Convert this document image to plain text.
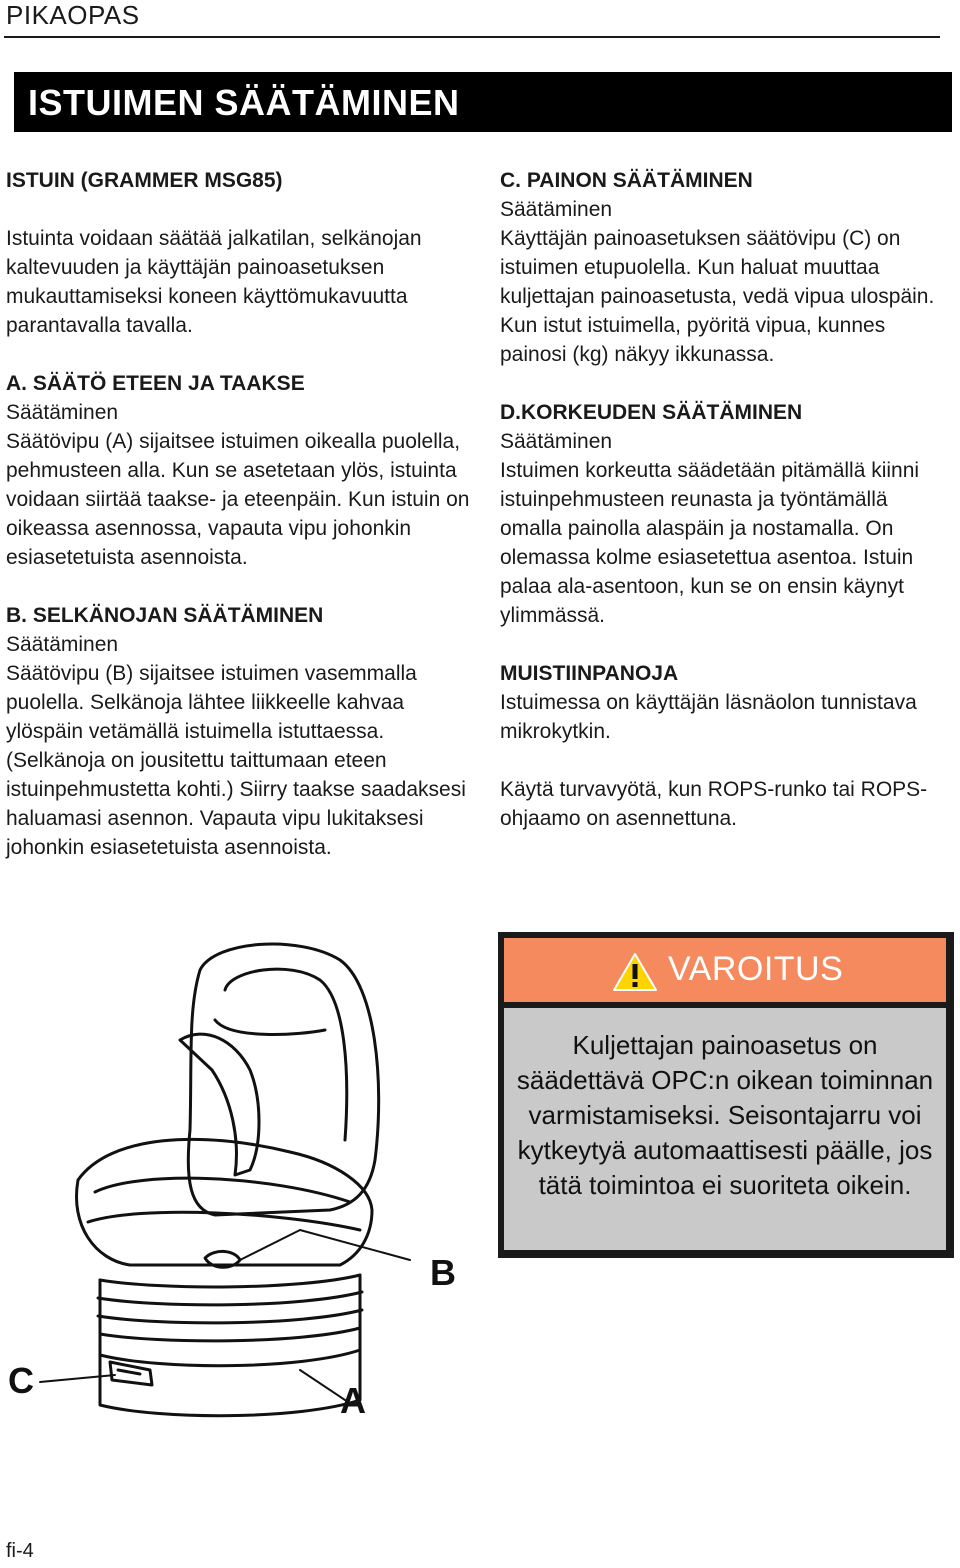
PIKAOPAS
ISTUIMEN SÄÄTÄMINEN

ISTUIN (GRAMMER MSG85)

Istuinta voidaan säätää jalkatilan, selkänojan kaltevuuden ja käyttäjän painoasetuksen mukauttamiseksi koneen käyttömukavuutta parantavalla tavalla.

A. SÄÄTÖ ETEEN JA TAAKSE

Säätäminen

Säätövipu (A) sijaitsee istuimen oikealla puolella, pehmusteen alla. Kun se asetetaan ylös, istuinta voidaan siirtää taakse- ja eteenpäin. Kun istuin on oikeassa asennossa, vapauta vipu johonkin esiasetetuista asennoista.

B. SELKÄNOJAN SÄÄTÄMINEN

Säätäminen

Säätövipu (B) sijaitsee istuimen vasemmalla puolella. Selkänoja lähtee liikkeelle kahvaa ylöspäin vetämällä istuimella istuttaessa. (Selkänoja on jousitettu taittumaan eteen istuinpehmustetta kohti.) Siirry taakse saadaksesi haluamasi asennon. Vapauta vipu lukitaksesi johonkin esiasetetuista asennoista.

C. PAINON SÄÄTÄMINEN

Säätäminen

Käyttäjän painoasetuksen säätövipu (C) on istuimen etupuolella. Kun haluat muuttaa kuljettajan painoasetusta, vedä vipua ulospäin. Kun istut istuimella, pyöritä vipua, kunnes painosi (kg) näkyy ikkunassa.

D.KORKEUDEN SÄÄTÄMINEN

Säätäminen

Istuimen korkeutta säädetään pitämällä kiinni istuinpehmusteen reunasta ja työntämällä omalla painolla alaspäin ja nostamalla. On olemassa kolme esiasetettua asentoa. Istuin palaa ala-asentoon, kun se on ensin käynyt ylimmässä.

MUISTIINPANOJA

Istuimessa on käyttäjän läsnäolon tunnistava mikrokytkin.

Käytä turvavyötä, kun ROPS-runko tai ROPS-ohjaamo on asennettuna.

B
A
C
VAROITUS

Kuljettajan painoasetus on säädettävä OPC:n oikean toiminnan varmistamiseksi. Seisontajarru voi kytkeytyä automaattisesti päälle, jos tätä toimintoa ei suoriteta oikein.

fi-4
